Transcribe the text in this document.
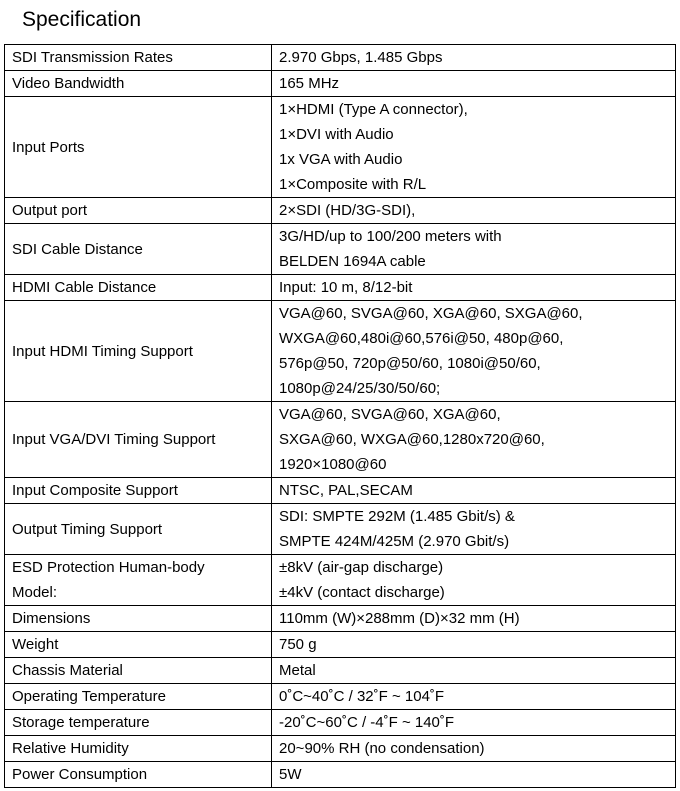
Specification
SDI Transmission Rates	2.970 Gbps, 1.485 Gbps

Video Bandwidth	165 MHz

Input Ports	1×HDMI (Type A connector),
1×DVI with Audio
1x VGA with Audio
1×Composite with R/L

Output port	2×SDI (HD/3G-SDI),

SDI Cable Distance	3G/HD/up to 100/200 meters with
BELDEN 1694A cable

HDMI Cable Distance	Input: 10 m, 8/12-bit

Input HDMI Timing Support	VGA@60, SVGA@60, XGA@60, SXGA@60,
WXGA@60,480i@60,576i@50, 480p@60,
576p@50, 720p@50/60, 1080i@50/60,
1080p@24/25/30/50/60;

Input VGA/DVI Timing Support	VGA@60, SVGA@60, XGA@60,
SXGA@60, WXGA@60,1280x720@60,
1920×1080@60

Input Composite Support	NTSC, PAL,SECAM

Output Timing Support	SDI: SMPTE 292M (1.485 Gbit/s) &
SMPTE 424M/425M (2.970 Gbit/s)

ESD Protection Human-body
Model:	±8kV (air-gap discharge)
±4kV (contact discharge)

Dimensions	110mm (W)×288mm (D)×32 mm (H)

Weight	750 g

Chassis Material	Metal

Operating Temperature	0˚C~40˚C / 32˚F ~ 104˚F

Storage temperature	-20˚C~60˚C / -4˚F ~ 140˚F

Relative Humidity	20~90% RH (no condensation)

Power Consumption	5W
